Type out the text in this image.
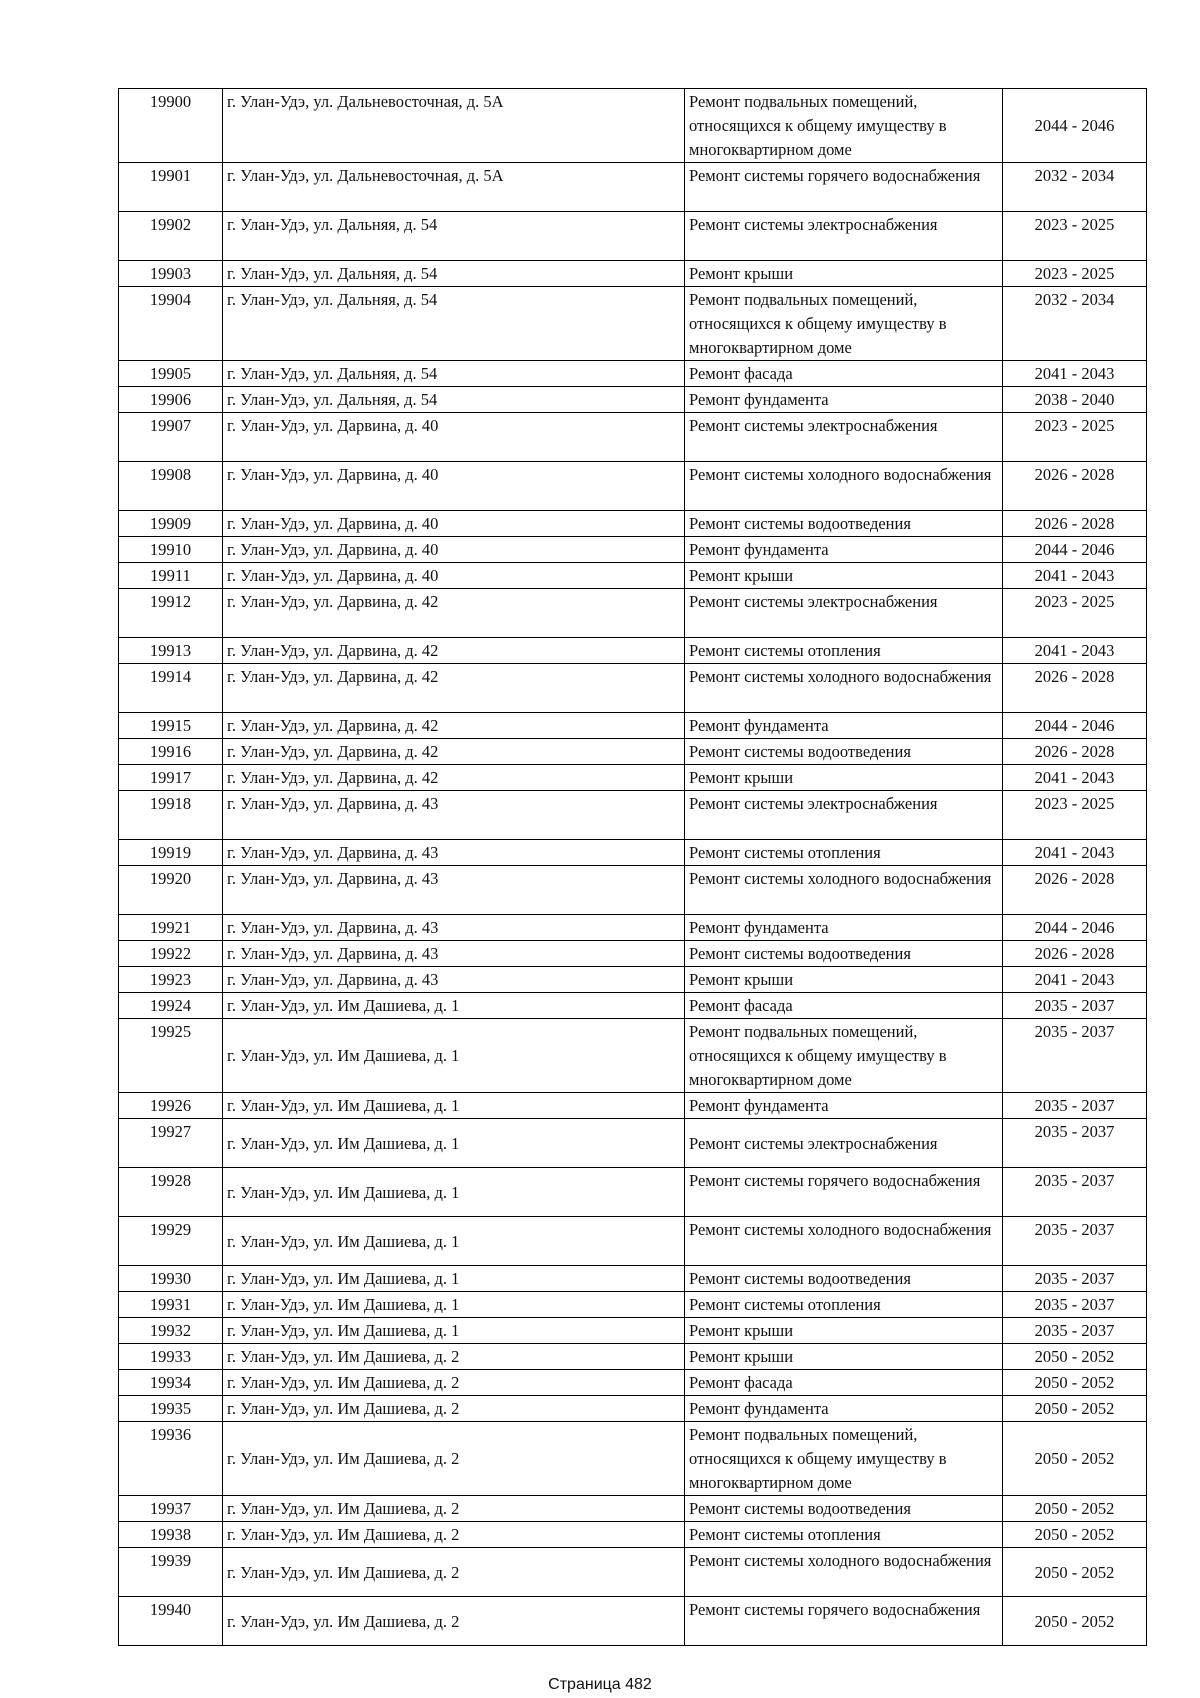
19900	г. Улан-Удэ, ул. Дальневосточная, д. 5А	Ремонт подвальных помещений, относящихся к общему имуществу в многоквартирном доме	2044 - 2046
19901	г. Улан-Удэ, ул. Дальневосточная, д. 5А	Ремонт системы горячего водоснабжения	2032 - 2034
19902	г. Улан-Удэ, ул. Дальняя, д. 54	Ремонт системы электроснабжения	2023 - 2025
19903	г. Улан-Удэ, ул. Дальняя, д. 54	Ремонт крыши	2023 - 2025
19904	г. Улан-Удэ, ул. Дальняя, д. 54	Ремонт подвальных помещений, относящихся к общему имуществу в многоквартирном доме	2032 - 2034
19905	г. Улан-Удэ, ул. Дальняя, д. 54	Ремонт фасада	2041 - 2043
19906	г. Улан-Удэ, ул. Дальняя, д. 54	Ремонт фундамента	2038 - 2040
19907	г. Улан-Удэ, ул. Дарвина, д. 40	Ремонт системы электроснабжения	2023 - 2025
19908	г. Улан-Удэ, ул. Дарвина, д. 40	Ремонт системы холодного водоснабжения	2026 - 2028
19909	г. Улан-Удэ, ул. Дарвина, д. 40	Ремонт системы водоотведения	2026 - 2028
19910	г. Улан-Удэ, ул. Дарвина, д. 40	Ремонт фундамента	2044 - 2046
19911	г. Улан-Удэ, ул. Дарвина, д. 40	Ремонт крыши	2041 - 2043
19912	г. Улан-Удэ, ул. Дарвина, д. 42	Ремонт системы электроснабжения	2023 - 2025
19913	г. Улан-Удэ, ул. Дарвина, д. 42	Ремонт системы отопления	2041 - 2043
19914	г. Улан-Удэ, ул. Дарвина, д. 42	Ремонт системы холодного водоснабжения	2026 - 2028
19915	г. Улан-Удэ, ул. Дарвина, д. 42	Ремонт фундамента	2044 - 2046
19916	г. Улан-Удэ, ул. Дарвина, д. 42	Ремонт системы водоотведения	2026 - 2028
19917	г. Улан-Удэ, ул. Дарвина, д. 42	Ремонт крыши	2041 - 2043
19918	г. Улан-Удэ, ул. Дарвина, д. 43	Ремонт системы электроснабжения	2023 - 2025
19919	г. Улан-Удэ, ул. Дарвина, д. 43	Ремонт системы отопления	2041 - 2043
19920	г. Улан-Удэ, ул. Дарвина, д. 43	Ремонт системы холодного водоснабжения	2026 - 2028
19921	г. Улан-Удэ, ул. Дарвина, д. 43	Ремонт фундамента	2044 - 2046
19922	г. Улан-Удэ, ул. Дарвина, д. 43	Ремонт системы водоотведения	2026 - 2028
19923	г. Улан-Удэ, ул. Дарвина, д. 43	Ремонт крыши	2041 - 2043
19924	г. Улан-Удэ, ул. Им Дашиева, д. 1	Ремонт фасада	2035 - 2037
19925	г. Улан-Удэ, ул. Им Дашиева, д. 1	Ремонт подвальных помещений, относящихся к общему имуществу в многоквартирном доме	2035 - 2037
19926	г. Улан-Удэ, ул. Им Дашиева, д. 1	Ремонт фундамента	2035 - 2037
19927	г. Улан-Удэ, ул. Им Дашиева, д. 1	Ремонт системы электроснабжения	2035 - 2037
19928	г. Улан-Удэ, ул. Им Дашиева, д. 1	Ремонт системы горячего водоснабжения	2035 - 2037
19929	г. Улан-Удэ, ул. Им Дашиева, д. 1	Ремонт системы холодного водоснабжения	2035 - 2037
19930	г. Улан-Удэ, ул. Им Дашиева, д. 1	Ремонт системы водоотведения	2035 - 2037
19931	г. Улан-Удэ, ул. Им Дашиева, д. 1	Ремонт системы отопления	2035 - 2037
19932	г. Улан-Удэ, ул. Им Дашиева, д. 1	Ремонт крыши	2035 - 2037
19933	г. Улан-Удэ, ул. Им Дашиева, д. 2	Ремонт крыши	2050 - 2052
19934	г. Улан-Удэ, ул. Им Дашиева, д. 2	Ремонт фасада	2050 - 2052
19935	г. Улан-Удэ, ул. Им Дашиева, д. 2	Ремонт фундамента	2050 - 2052
19936	г. Улан-Удэ, ул. Им Дашиева, д. 2	Ремонт подвальных помещений, относящихся к общему имуществу в многоквартирном доме	2050 - 2052
19937	г. Улан-Удэ, ул. Им Дашиева, д. 2	Ремонт системы водоотведения	2050 - 2052
19938	г. Улан-Удэ, ул. Им Дашиева, д. 2	Ремонт системы отопления	2050 - 2052
19939	г. Улан-Удэ, ул. Им Дашиева, д. 2	Ремонт системы холодного водоснабжения	2050 - 2052
19940	г. Улан-Удэ, ул. Им Дашиева, д. 2	Ремонт системы горячего водоснабжения	2050 - 2052
Страница 482
